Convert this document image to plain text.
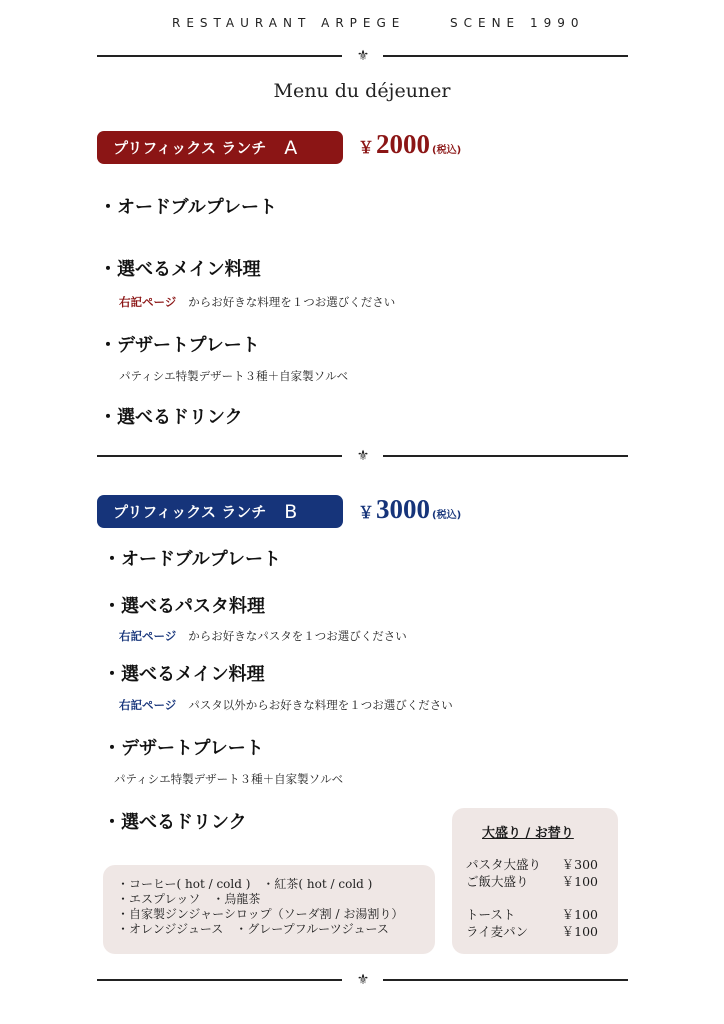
RESTAURANT ARPEGE	SCENE 1990
⚜
Menu du déjeuner
プリフィックス ランチ A	￥ 2000 (税込)
・オードブルプレート
・選べるメイン料理
右記ページ からお好きな料理を１つお選びください
・デザートプレート
パティシエ特製デザート３種＋自家製ソルベ
・選べるドリンク
⚜
プリフィックス ランチ B	￥ 3000 (税込)
・オードブルプレート
・選べるパスタ料理
右記ページ からお好きなパスタを１つお選びください
・選べるメイン料理
右記ページ パスタ以外からお好きな料理を１つお選びください
・デザートプレート
パティシエ特製デザート３種＋自家製ソルベ
・選べるドリンク
・コーヒー( hot / cold )　・紅茶( hot / cold )
・エスプレッソ　・烏龍茶
・自家製ジンジャーシロップ（ソーダ割 / お湯割り）
・オレンジジュース　・グレープフルーツジュース
大盛り / お替り
パスタ大盛り ￥300
ご飯大盛り	￥100
トースト	￥100
ライ麦パン	￥100
⚜
